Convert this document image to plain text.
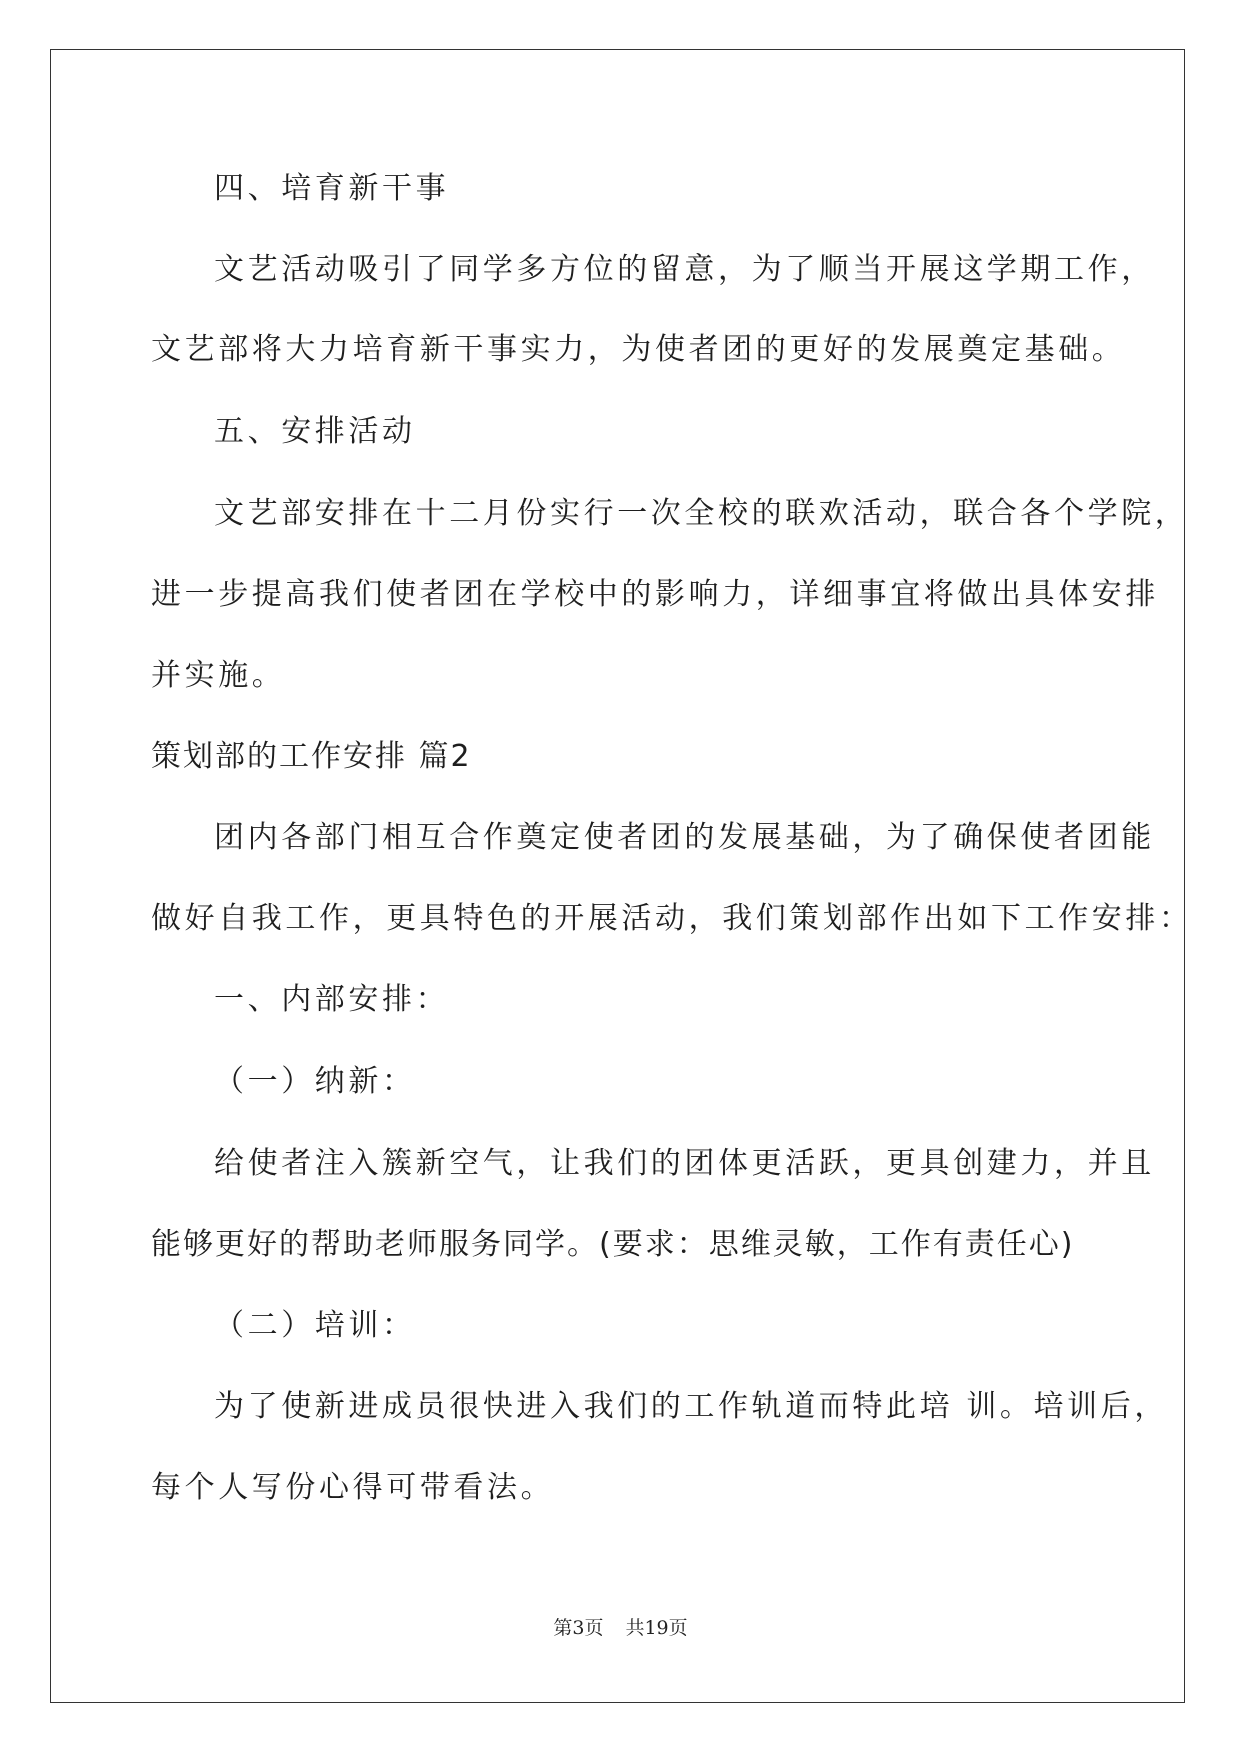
四、培育新干事
文艺活动吸引了同学多方位的留意，为了顺当开展这学期工作，
文艺部将大力培育新干事实力，为使者团的更好的发展奠定基础。
五、安排活动
文艺部安排在十二月份实行一次全校的联欢活动，联合各个学院，
进一步提高我们使者团在学校中的影响力，详细事宜将做出具体安排
并实施。
策划部的工作安排 篇2
团内各部门相互合作奠定使者团的发展基础，为了确保使者团能
做好自我工作，更具特色的开展活动，我们策划部作出如下工作安排：
一、内部安排：
（一）纳新：
给使者注入簇新空气，让我们的团体更活跃，更具创建力，并且
能够更好的帮助老师服务同学。(要求：思维灵敏，工作有责任心)
（二）培训：
为了使新进成员很快进入我们的工作轨道而特此培 训。培训后，
每个人写份心得可带看法。
第3页 共19页
